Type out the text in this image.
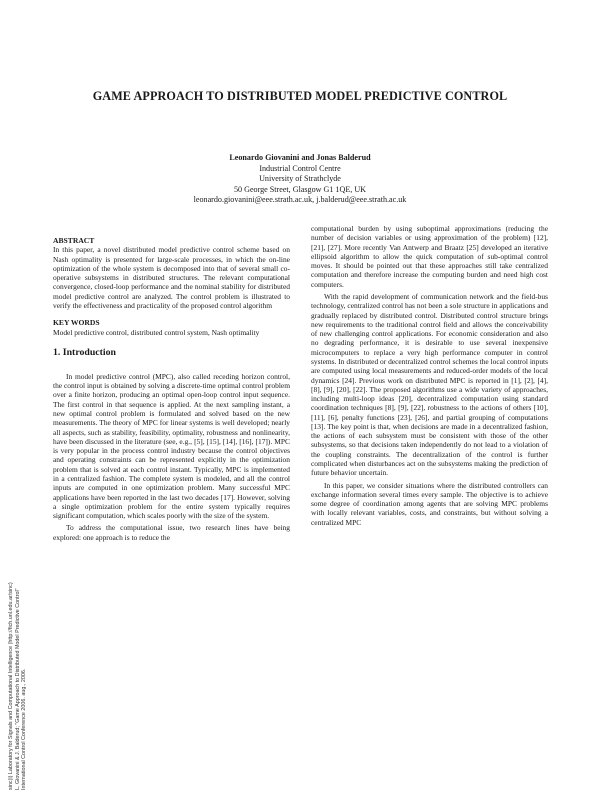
GAME APPROACH TO DISTRIBUTED MODEL PREDICTIVE CONTROL
Leonardo Giovanini and Jonas Balderud
Industrial Control Centre
University of Strathclyde
50 George Street, Glasgow G1 1QE, UK
leonardo.giovanini@eee.strath.ac.uk, j.balderud@eee.strath.ac.uk
ABSTRACT

In this paper, a novel distributed model predictive control scheme based on Nash optimality is presented for large-scale processes, in which the on-line optimization of the whole system is decomposed into that of several small co-operative subsystems in distributed structures. The relevant computational convergence, closed-loop performance and the nominal stability for distributed model predictive control are analyzed. The control problem is illustrated to verify the effectiveness and practicality of the proposed control algorithm

KEY WORDS

Model predictive control, distributed control system, Nash optimality

1. Introduction

In model predictive control (MPC), also called receding horizon control, the control input is obtained by solving a discrete-time optimal control problem over a finite horizon, producing an optimal open-loop control input sequence. The first control in that sequence is applied. At the next sampling instant, a new optimal control problem is formulated and solved based on the new measurements. The theory of MPC for linear systems is well developed; nearly all aspects, such as stability, feasibility, optimality, robustness and nonlinearity, have been discussed in the literature (see, e.g., [5], [15], [14], [16], [17]). MPC is very popular in the process control industry because the control objectives and operating constraints can be represented explicitly in the optimization problem that is solved at each control instant. Typically, MPC is implemented in a centralized fashion. The complete system is modeled, and all the control inputs are computed in one optimization problem. Many successful MPC applications have been reported in the last two decades [17]. However, solving a single optimization problem for the entire system typically requires significant computation, which scales poorly with the size of the system.

To address the computational issue, two research lines have being explored: one approach is to reduce the

computational burden by using suboptimal approximations (reducing the number of decision variables or using approximation of the problem) [12], [21], [27]. More recently Van Antwerp and Braatz [25] developed an iterative ellipsoid algorithm to allow the quick computation of sub-optimal control moves. It should be pointed out that these approaches still take centralized computation and therefore increase the computing burden and need high cost computers.

With the rapid development of communication network and the field-bus technology, centralized control has not been a sole structure in applications and gradually replaced by distributed control. Distributed control structure brings new requirements to the traditional control field and allows the conceivability of new challenging control applications. For economic consideration and also no degrading performance, it is desirable to use several inexpensive microcomputers to replace a very high performance computer in control systems. In distributed or decentralized control schemes the local control inputs are computed using local measurements and reduced-order models of the local dynamics [24]. Previous work on distributed MPC is reported in [1], [2], [4], [8], [9], [20], [22]. The proposed algorithms use a wide variety of approaches, including multi-loop ideas [20], decentralized computation using standard coordination techniques [8], [9], [22], robustness to the actions of others [10], [11], [6], penalty functions [23], [26], and partial grouping of computations [13]. The key point is that, when decisions are made in a decentralized fashion, the actions of each subsystem must be consistent with those of the other subsystems, so that decisions taken independently do not lead to a violation of the coupling constraints. The decentralization of the control is further complicated when disturbances act on the subsystems making the prediction of future behavior uncertain.

In this paper, we consider situations where the distributed controllers can exchange information several times every sample. The objective is to achieve some degree of coordination among agents that are solving MPC problems with locally relevant variables, costs, and constraints, but without solving a centralized MPC

sinc(i) Laboratory for Signals and Computational Intelligence (http://fich.unl.edu.ar/sinc) L. Giovanini & J. Balderud; "Game Approach to Distributed Model Predictive Control" International Control Conference 2006. aug., 2006.
